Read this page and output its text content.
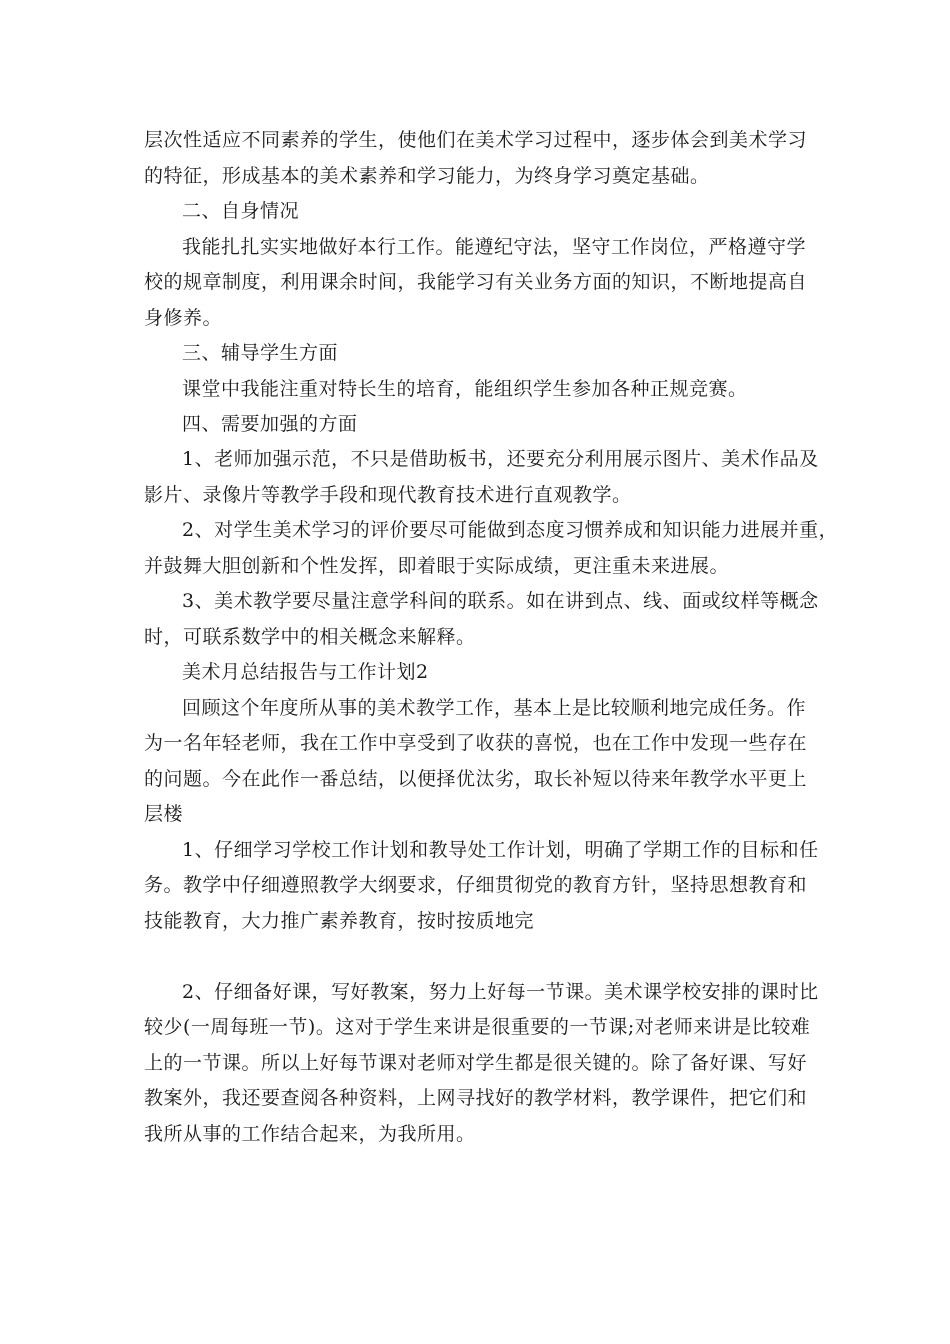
层次性适应不同素养的学生，使他们在美术学习过程中，逐步体会到美术学习
的特征，形成基本的美术素养和学习能力，为终身学习奠定基础。
二、自身情况
我能扎扎实实地做好本行工作。能遵纪守法，坚守工作岗位，严格遵守学
校的规章制度，利用课余时间，我能学习有关业务方面的知识，不断地提高自
身修养。
三、辅导学生方面
课堂中我能注重对特长生的培育，能组织学生参加各种正规竞赛。
四、需要加强的方面
1、老师加强示范，不只是借助板书，还要充分利用展示图片、美术作品及
影片、录像片等教学手段和现代教育技术进行直观教学。
2、对学生美术学习的评价要尽可能做到态度习惯养成和知识能力进展并重，
并鼓舞大胆创新和个性发挥，即着眼于实际成绩，更注重未来进展。
3、美术教学要尽量注意学科间的联系。如在讲到点、线、面或纹样等概念
时，可联系数学中的相关概念来解释。
美术月总结报告与工作计划2
回顾这个年度所从事的美术教学工作，基本上是比较顺利地完成任务。作
为一名年轻老师，我在工作中享受到了收获的喜悦，也在工作中发现一些存在
的问题。今在此作一番总结，以便择优汰劣，取长补短以待来年教学水平更上
层楼
1、仔细学习学校工作计划和教导处工作计划，明确了学期工作的目标和任
务。教学中仔细遵照教学大纲要求，仔细贯彻党的教育方针，坚持思想教育和
技能教育，大力推广素养教育，按时按质地完
2、仔细备好课，写好教案，努力上好每一节课。美术课学校安排的课时比
较少(一周每班一节)。这对于学生来讲是很重要的一节课;对老师来讲是比较难
上的一节课。所以上好每节课对老师对学生都是很关键的。除了备好课、写好
教案外，我还要查阅各种资料，上网寻找好的教学材料，教学课件，把它们和
我所从事的工作结合起来，为我所用。
